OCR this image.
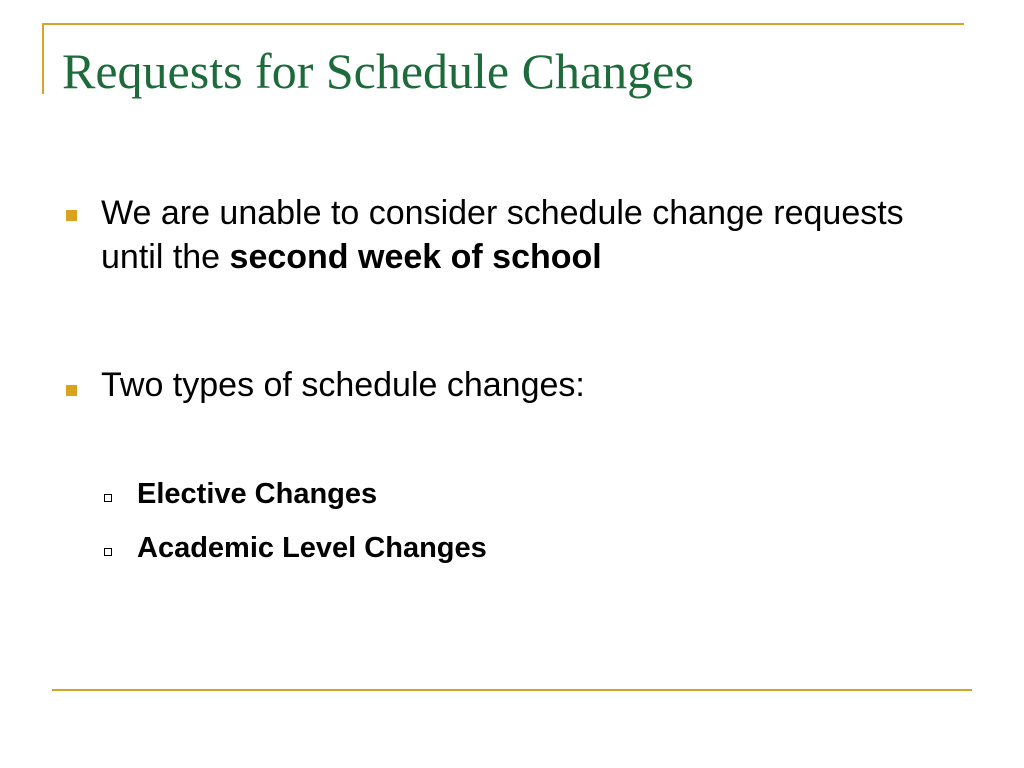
Requests for Schedule Changes

We are unable to consider schedule change requests until the second week of school

Two types of schedule changes:

Elective Changes

Academic Level Changes
